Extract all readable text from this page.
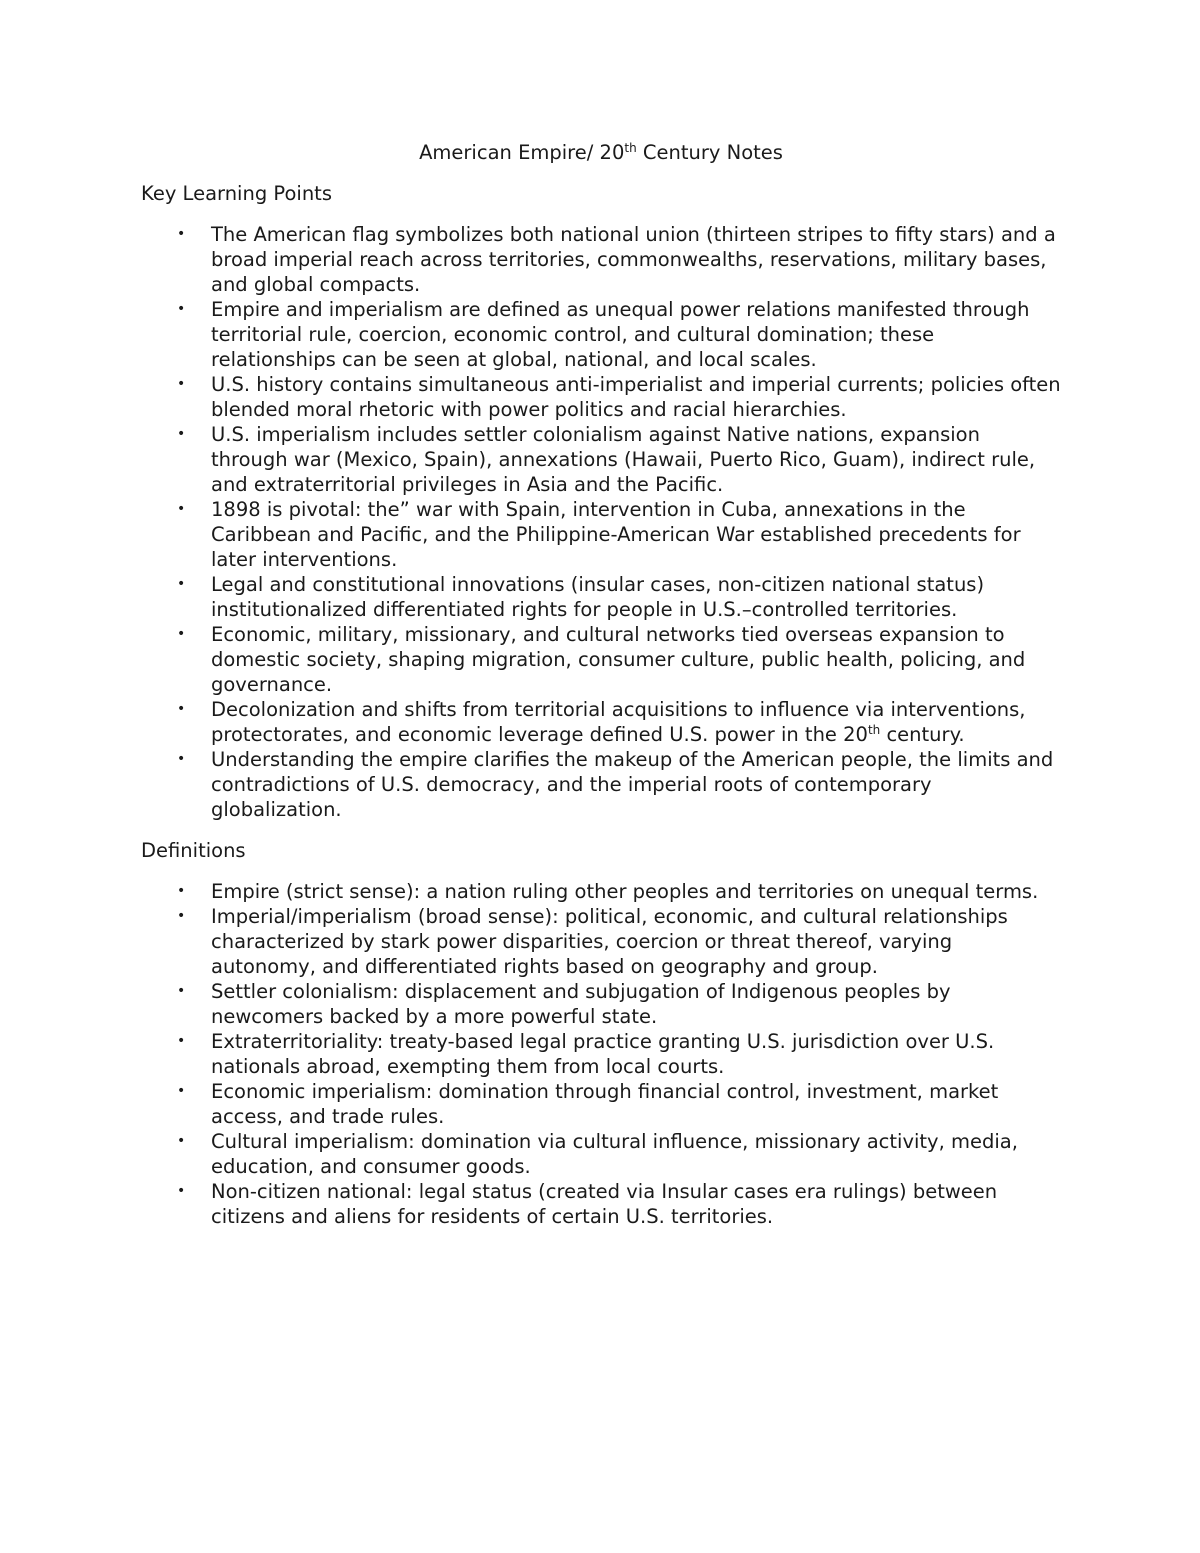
American Empire/ 20th Century Notes
Key Learning Points
• The American flag symbolizes both national union (thirteen stripes to fifty stars) and a broad imperial reach across territories, commonwealths, reservations, military bases, and global compacts.
• Empire and imperialism are defined as unequal power relations manifested through territorial rule, coercion, economic control, and cultural domination; these relationships can be seen at global, national, and local scales.
• U.S. history contains simultaneous anti-imperialist and imperial currents; policies often blended moral rhetoric with power politics and racial hierarchies.
• U.S. imperialism includes settler colonialism against Native nations, expansion through war (Mexico, Spain), annexations (Hawaii, Puerto Rico, Guam), indirect rule, and extraterritorial privileges in Asia and the Pacific.
• 1898 is pivotal: the” war with Spain, intervention in Cuba, annexations in the Caribbean and Pacific, and the Philippine-American War established precedents for later interventions.
• Legal and constitutional innovations (insular cases, non-citizen national status) institutionalized differentiated rights for people in U.S.–controlled territories.
• Economic, military, missionary, and cultural networks tied overseas expansion to domestic society, shaping migration, consumer culture, public health, policing, and governance.
• Decolonization and shifts from territorial acquisitions to influence via interventions, protectorates, and economic leverage defined U.S. power in the 20th century.
• Understanding the empire clarifies the makeup of the American people, the limits and contradictions of U.S. democracy, and the imperial roots of contemporary globalization.
Definitions
• Empire (strict sense): a nation ruling other peoples and territories on unequal terms.
• Imperial/imperialism (broad sense): political, economic, and cultural relationships characterized by stark power disparities, coercion or threat thereof, varying autonomy, and differentiated rights based on geography and group.
• Settler colonialism: displacement and subjugation of Indigenous peoples by newcomers backed by a more powerful state.
• Extraterritoriality: treaty-based legal practice granting U.S. jurisdiction over U.S. nationals abroad, exempting them from local courts.
• Economic imperialism: domination through financial control, investment, market access, and trade rules.
• Cultural imperialism: domination via cultural influence, missionary activity, media, education, and consumer goods.
• Non-citizen national: legal status (created via Insular cases era rulings) between citizens and aliens for residents of certain U.S. territories.
